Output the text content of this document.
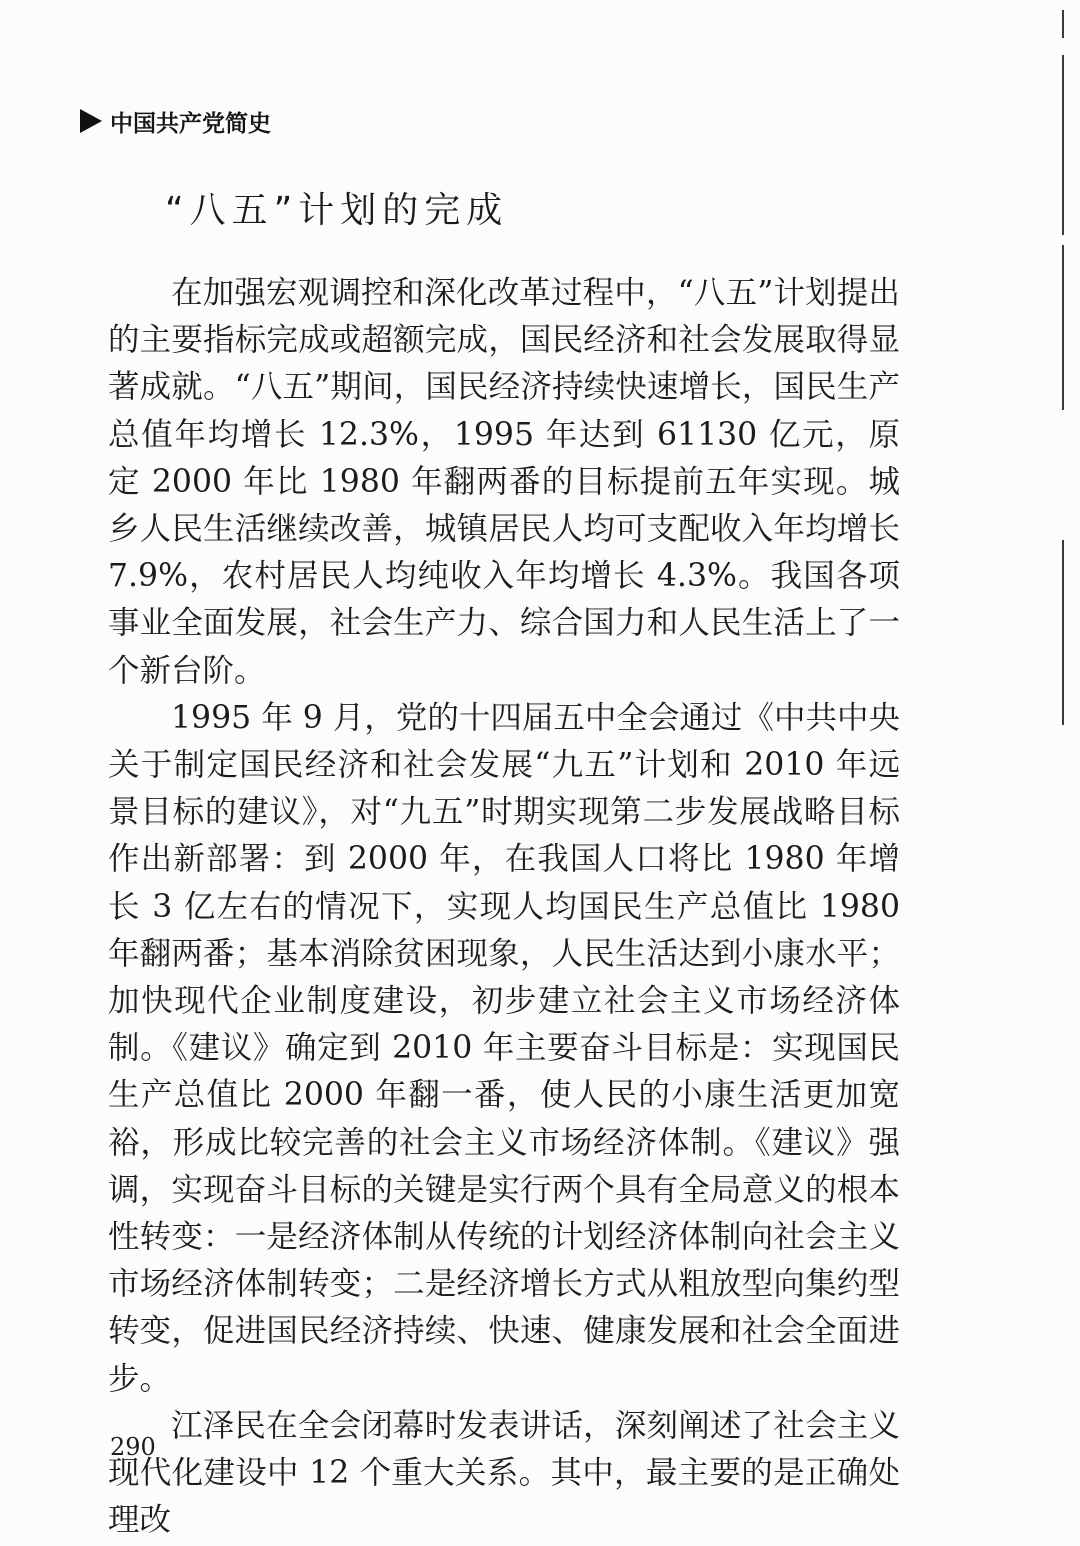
中国共产党简史
“八五”计划的完成

在加强宏观调控和深化改革过程中，“八五”计划提出的主要指标完成或超额完成，国民经济和社会发展取得显著成就。“八五”期间，国民经济持续快速增长，国民生产总值年均增长 12.3%，1995 年达到 61130 亿元，原定 2000 年比 1980 年翻两番的目标提前五年实现。城乡人民生活继续改善，城镇居民人均可支配收入年均增长 7.9%，农村居民人均纯收入年均增长 4.3%。我国各项事业全面发展，社会生产力、综合国力和人民生活上了一个新台阶。

1995 年 9 月，党的十四届五中全会通过《中共中央关于制定国民经济和社会发展“九五”计划和 2010 年远景目标的建议》，对“九五”时期实现第二步发展战略目标作出新部署：到 2000 年，在我国人口将比 1980 年增长 3 亿左右的情况下，实现人均国民生产总值比 1980 年翻两番；基本消除贫困现象，人民生活达到小康水平；加快现代企业制度建设，初步建立社会主义市场经济体制。《建议》确定到 2010 年主要奋斗目标是：实现国民生产总值比 2000 年翻一番，使人民的小康生活更加宽裕，形成比较完善的社会主义市场经济体制。《建议》强调，实现奋斗目标的关键是实行两个具有全局意义的根本性转变：一是经济体制从传统的计划经济体制向社会主义市场经济体制转变；二是经济增长方式从粗放型向集约型转变，促进国民经济持续、快速、健康发展和社会全面进步。

江泽民在全会闭幕时发表讲话，深刻阐述了社会主义现代化建设中 12 个重大关系。其中，最主要的是正确处理改

290
